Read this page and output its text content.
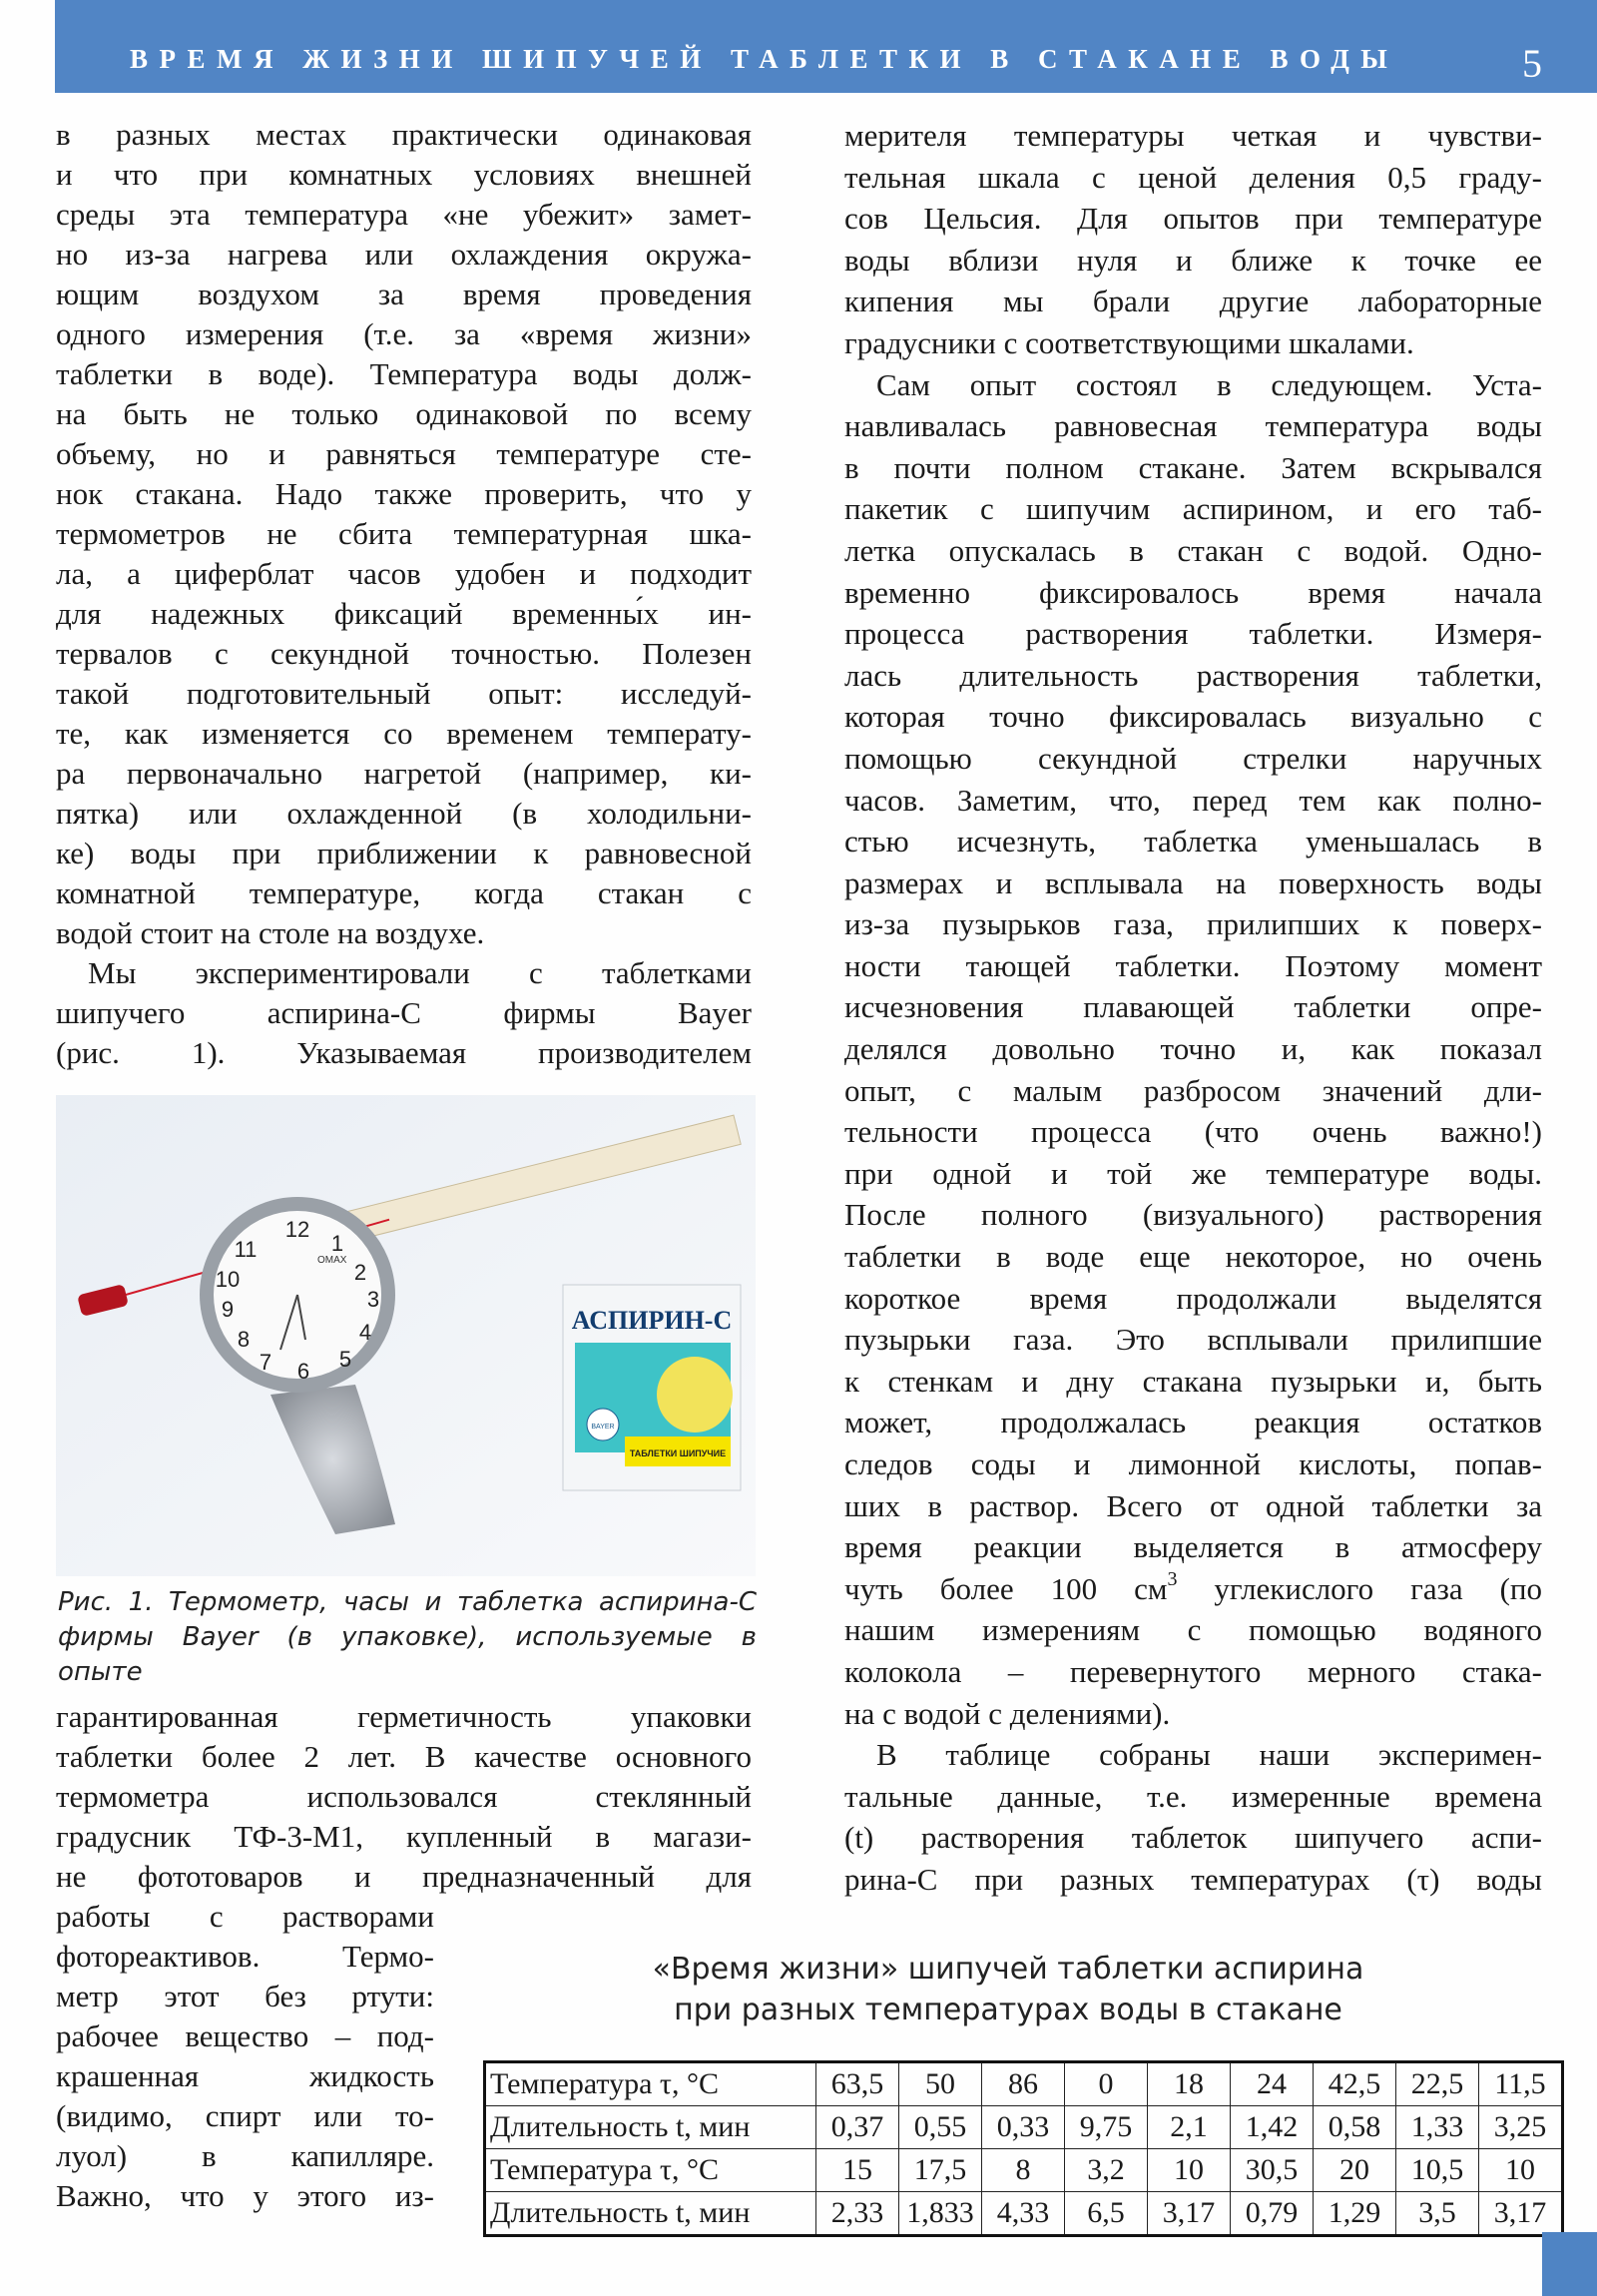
ВРЕМЯ ЖИЗНИ ШИПУЧЕЙ ТАБЛЕТКИ В СТАКАНЕ ВОДЫ	5
в разных местах практически одинаковая
и что при комнатных условиях внешней
среды эта температура «не убежит» замет-
но из-за нагрева или охлаждения окружа-
ющим воздухом за время проведения
одного измерения (т.е. за «время жизни»
таблетки в воде). Температура воды долж-
на быть не только одинаковой по всему
объему, но и равняться температуре сте-
нок стакана. Надо также проверить, что у
термометров не сбита температурная шка-
ла, а циферблат часов удобен и подходит
для надежных фиксаций временны́х ин-
тервалов с секундной точностью. Полезен
такой подготовительный опыт: исследуй-
те, как изменяется со временем температу-
ра первоначально нагретой (например, ки-
пятка) или охлажденной (в холодильни-
ке) воды при приближении к равновесной
комнатной температуре, когда стакан с
водой стоит на столе на воздухе.
Мы экспериментировали с таблетками
шипучего аспирина-С фирмы Bayer
(рис. 1). Указываемая производителем
12
1
2
3
4
5
6
7
8
9
10
11	OMAX
АСПИРИН-С
BAYER
ТАБЛЕТКИ ШИПУЧИЕ
Рис. 1. Термометр, часы и таблетка аспирина-С
фирмы Bayer (в упаковке), используемые в
опыте
гарантированная герметичность упаковки
таблетки более 2 лет. В качестве основного
термометра использовался стеклянный
градусник ТФ-3-М1, купленный в магази-
не фототоваров и предназначенный для
работы с растворами
фотореактивов. Термо-
метр этот без ртути:
рабочее вещество – под-
крашенная жидкость
(видимо, спирт или то-
луол) в капилляре.
Важно, что у этого из-
мерителя температуры четкая и чувстви-
тельная шкала с ценой деления 0,5 граду-
сов Цельсия. Для опытов при температуре
воды вблизи нуля и ближе к точке ее
кипения мы брали другие лабораторные
градусники с соответствующими шкалами.
Сам опыт состоял в следующем. Уста-
навливалась равновесная температура воды
в почти полном стакане. Затем вскрывался
пакетик с шипучим аспирином, и его таб-
летка опускалась в стакан с водой. Одно-
временно фиксировалось время начала
процесса растворения таблетки. Измеря-
лась длительность растворения таблетки,
которая точно фиксировалась визуально с
помощью секундной стрелки наручных
часов. Заметим, что, перед тем как полно-
стью исчезнуть, таблетка уменьшалась в
размерах и всплывала на поверхность воды
из-за пузырьков газа, прилипших к поверх-
ности тающей таблетки. Поэтому момент
исчезновения плавающей таблетки опре-
делялся довольно точно и, как показал
опыт, с малым разбросом значений дли-
тельности процесса (что очень важно!)
при одной и той же температуре воды.
После полного (визуального) растворения
таблетки в воде еще некоторое, но очень
короткое время продолжали выделятся
пузырьки газа. Это всплывали прилипшие
к стенкам и дну стакана пузырьки и, быть
может, продолжалась реакция остатков
следов соды и лимонной кислоты, попав-
ших в раствор. Всего от одной таблетки за
время реакции выделяется в атмосферу
чуть более 100 $см^3$ углекислого газа (по
нашим измерениям с помощью водяного
колокола – перевернутого мерного стака-
на с водой с делениями).
В таблице собраны наши эксперимен-
тальные данные, т.е. измеренные времена
(t) растворения таблеток шипучего аспи-
рина-С при разных температурах (τ) воды
«Время жизни» шипучей таблетки аспирина
при разных температурах воды в стакане
Температура τ, °C	63,5	50	86	0	18	24	42,5	22,5	11,5
Длительность t, мин	0,37	0,55	0,33	9,75	2,1	1,42	0,58	1,33	3,25
Температура τ, °C	15	17,5	8	3,2	10	30,5	20	10,5	10
Длительность t, мин	2,33	1,833	4,33	6,5	3,17	0,79	1,29	3,5	3,17
